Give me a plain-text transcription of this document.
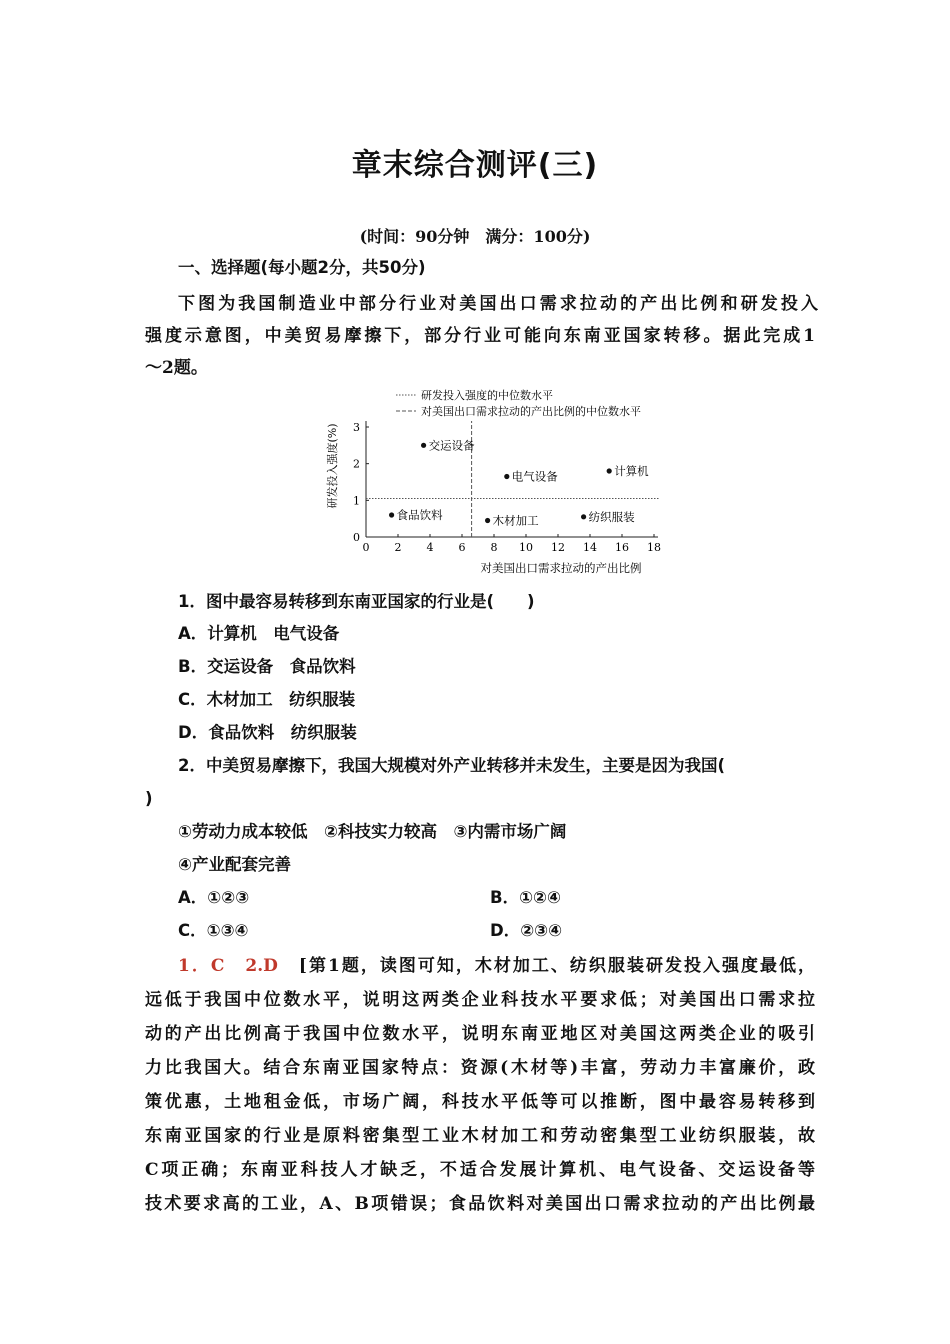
章末综合测评(三)
(时间：90分钟　满分：100分)
一、选择题(每小题2分，共50分)
下图为我国制造业中部分行业对美国出口需求拉动的产出比例和研发投入
强度示意图，中美贸易摩擦下，部分行业可能向东南亚国家转移。据此完成1
～2题。
研发投入强度的中位数水平
对美国出口需求拉动的产出比例的中位数水平
研发投入强度(%)
对美国出口需求拉动的产出比例
0 2 4 6 8 10 12 14 16 18
0
1
2
3
交运设备
电气设备	计算机
食品饮料	木材加工	纺织服装
1．图中最容易转移到东南亚国家的行业是(　　)
A．计算机　电气设备
B．交运设备　食品饮料
C．木材加工　纺织服装
D．食品饮料　纺织服装
2．中美贸易摩擦下，我国大规模对外产业转移并未发生，主要是因为我国(
)
①劳动力成本较低　②科技实力较高　③内需市场广阔
④产业配套完善
A．①②③	B．①②④
C．①③④	D．②③④
1．C　2.D　 [第1题，读图可知，木材加工、纺织服装研发投入强度最低，
远低于我国中位数水平，说明这两类企业科技水平要求低；对美国出口需求拉
动的产出比例高于我国中位数水平，说明东南亚地区对美国这两类企业的吸引
力比我国大。结合东南亚国家特点：资源(木材等)丰富，劳动力丰富廉价，政
策优惠，土地租金低，市场广阔，科技水平低等可以推断，图中最容易转移到
东南亚国家的行业是原料密集型工业木材加工和劳动密集型工业纺织服装，故
C项正确；东南亚科技人才缺乏，不适合发展计算机、电气设备、交运设备等
技术要求高的工业，A、B项错误；食品饮料对美国出口需求拉动的产出比例最
